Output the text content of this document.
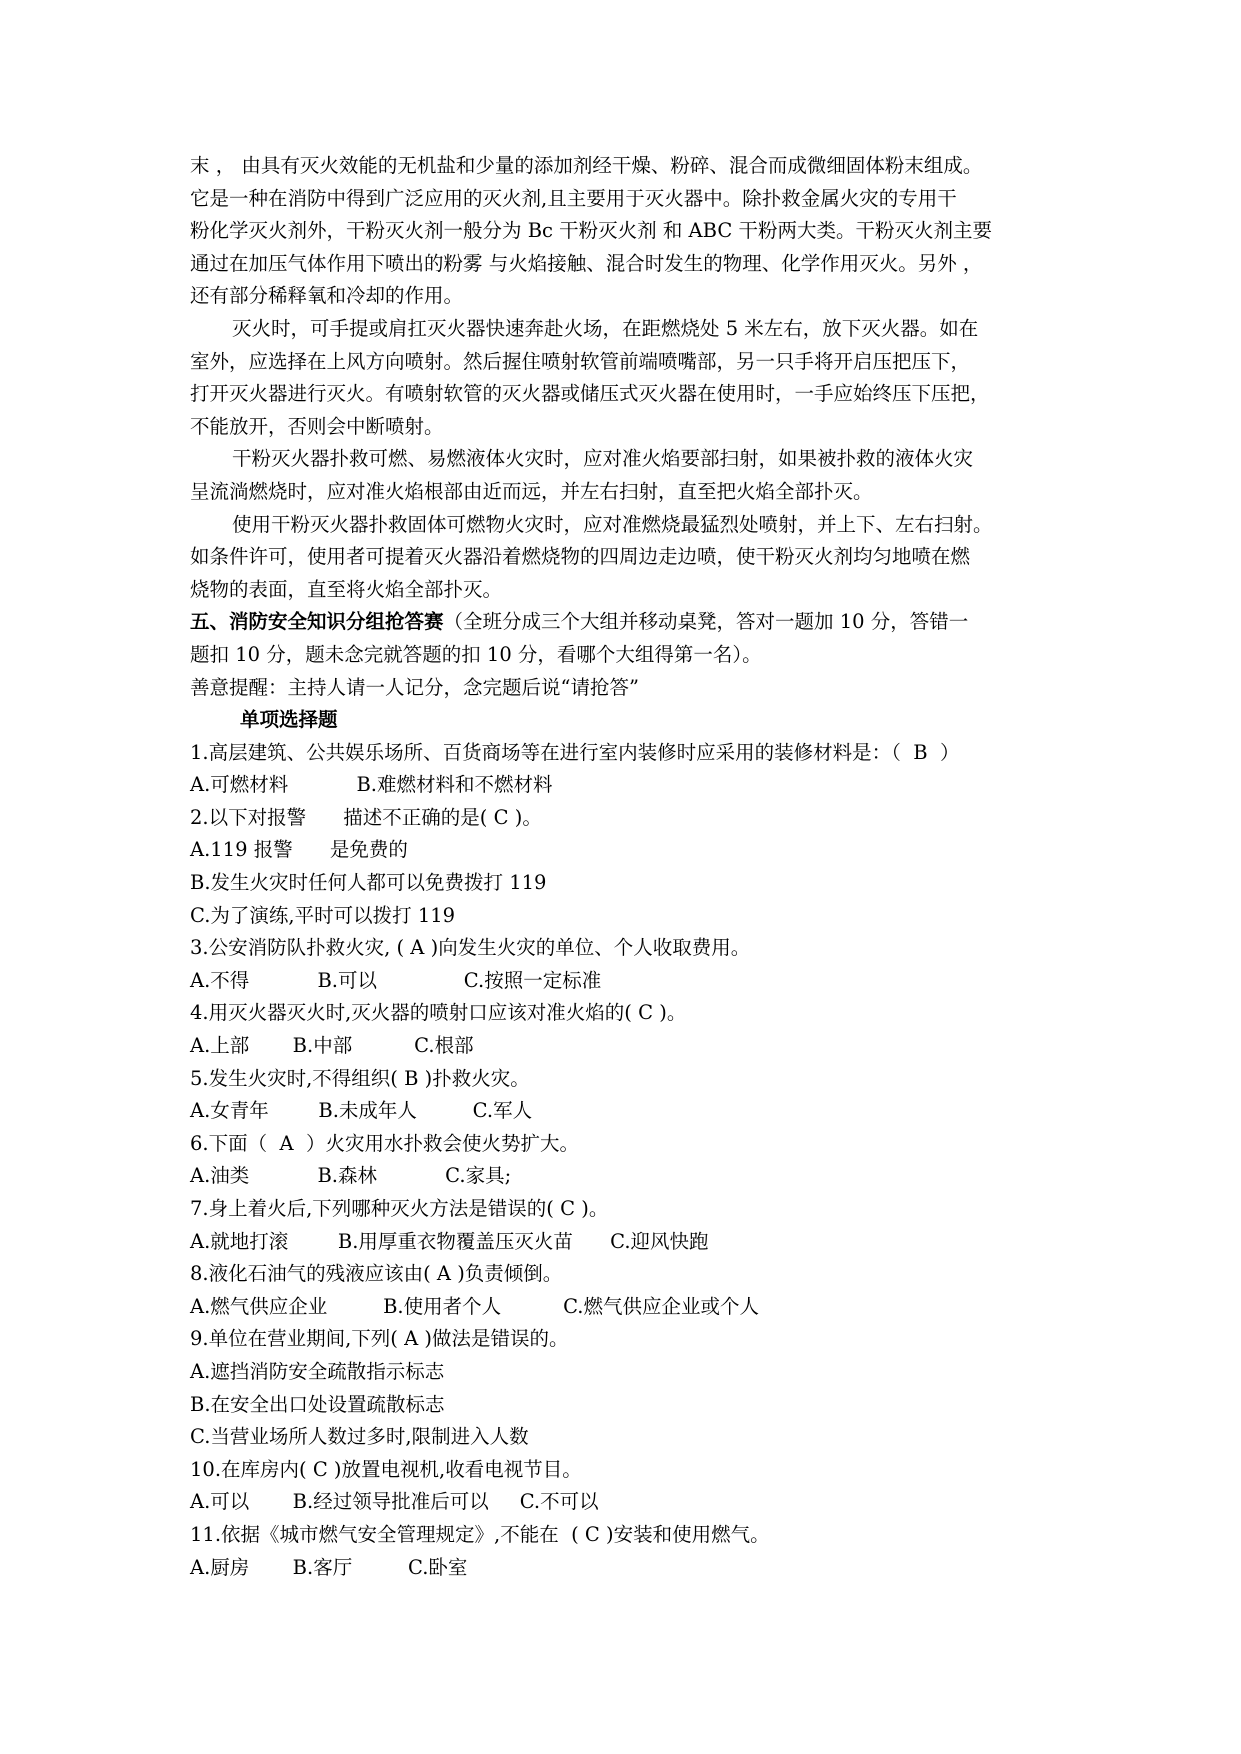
末 ， 由具有灭火效能的无机盐和少量的添加剂经干燥、粉碎、混合而成微细固体粉末组成。

它是一种在消防中得到广泛应用的灭火剂,且主要用于灭火器中。除扑救金属火灾的专用干

粉化学灭火剂外，干粉灭火剂一般分为 Bc 干粉灭火剂 和 ABC 干粉两大类。干粉灭火剂主要

通过在加压气体作用下喷出的粉雾 与火焰接触、混合时发生的物理、化学作用灭火。另外 ，

还有部分稀释氧和冷却的作用。

灭火时，可手提或肩扛灭火器快速奔赴火场，在距燃烧处 5 米左右，放下灭火器。如在

室外，应选择在上风方向喷射。然后握住喷射软管前端喷嘴部，另一只手将开启压把压下，

打开灭火器进行灭火。有喷射软管的灭火器或储压式灭火器在使用时，一手应始终压下压把，

不能放开，否则会中断喷射。

干粉灭火器扑救可燃、易燃液体火灾时，应对准火焰要部扫射，如果被扑救的液体火灾

呈流淌燃烧时，应对准火焰根部由近而远，并左右扫射，直至把火焰全部扑灭。

使用干粉灭火器扑救固体可燃物火灾时，应对准燃烧最猛烈处喷射，并上下、左右扫射。

如条件许可，使用者可提着灭火器沿着燃烧物的四周边走边喷，使干粉灭火剂均匀地喷在燃

烧物的表面，直至将火焰全部扑灭。

五、消防安全知识分组抢答赛（全班分成三个大组并移动桌凳，答对一题加 10 分，答错一

题扣 10 分，题未念完就答题的扣 10 分，看哪个大组得第一名）。

善意提醒：主持人请一人记分，念完题后说“请抢答”

单项选择题

1.高层建筑、公共娱乐场所、百货商场等在进行室内装修时应采用的装修材料是：（  B  ）

A.可燃材料           B.难燃材料和不燃材料

2.以下对报警      描述不正确的是( C )。

A.119 报警      是免费的

B.发生火灾时任何人都可以免费拨打 119

C.为了演练,平时可以拨打 119

3.公安消防队扑救火灾, ( A )向发生火灾的单位、个人收取费用。

A.不得           B.可以              C.按照一定标准

4.用灭火器灭火时,灭火器的喷射口应该对准火焰的( C )。

A.上部       B.中部          C.根部

5.发生火灾时,不得组织( B )扑救火灾。

A.女青年        B.未成年人         C.军人

6.下面（  A  ）火灾用水扑救会使火势扩大。

A.油类           B.森林           C.家具;

7.身上着火后,下列哪种灭火方法是错误的( C )。

A.就地打滚        B.用厚重衣物覆盖压灭火苗      C.迎风快跑

8.液化石油气的残液应该由( A )负责倾倒。

A.燃气供应企业         B.使用者个人          C.燃气供应企业或个人

9.单位在营业期间,下列( A )做法是错误的。

A.遮挡消防安全疏散指示标志

B.在安全出口处设置疏散标志

C.当营业场所人数过多时,限制进入人数

10.在库房内( C )放置电视机,收看电视节目。

A.可以       B.经过领导批准后可以     C.不可以

11.依据《城市燃气安全管理规定》,不能在  ( C )安装和使用燃气。

A.厨房       B.客厅         C.卧室
